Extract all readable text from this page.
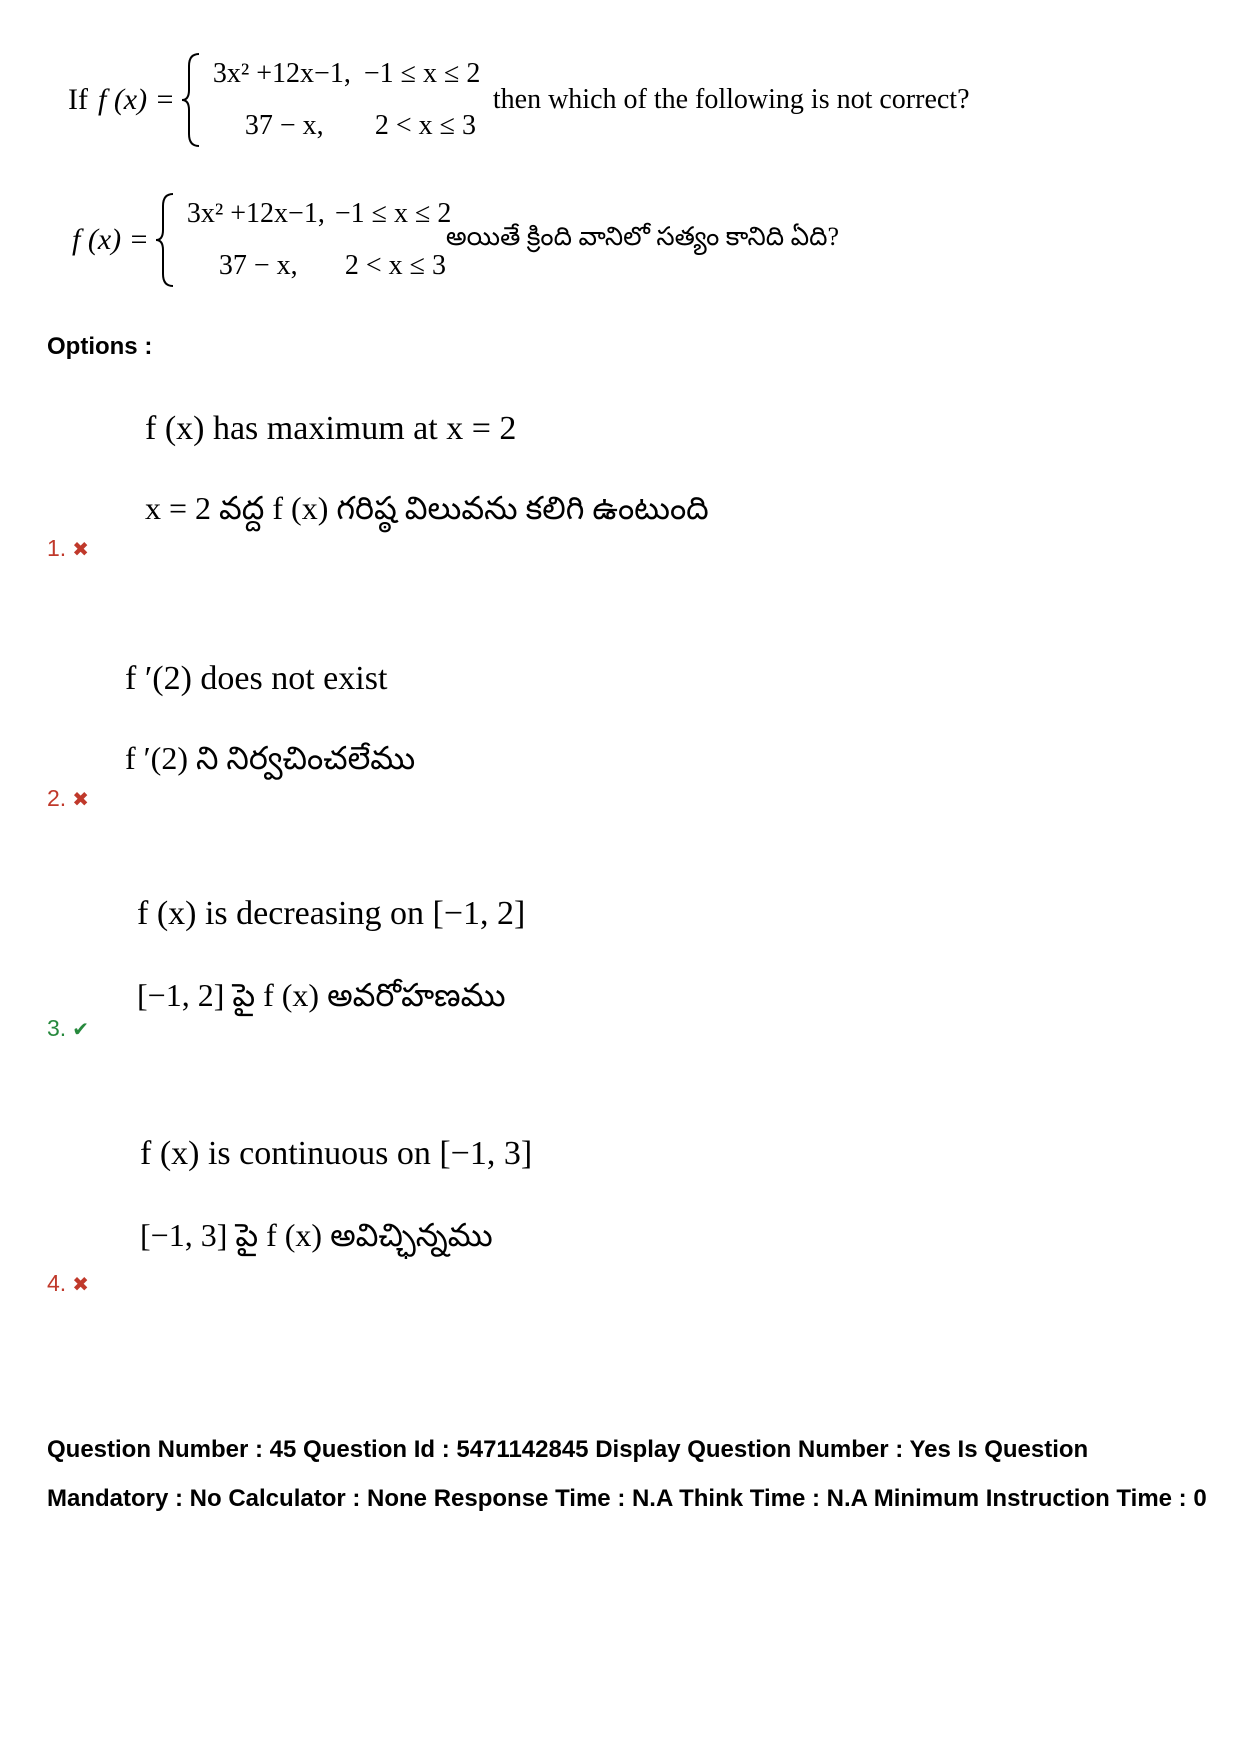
If f (x) =
3x² +12x−1, −1 ≤ x ≤ 2
37 − x, 2 < x ≤ 3
then which of the following is not correct?
f (x) =
3x² +12x−1, −1 ≤ x ≤ 2
37 − x, 2 < x ≤ 3
అయితే క్రింది వానిలో సత్యం కానిది ఏది?
Options :
f (x) has maximum at x = 2
x = 2 వద్ద f (x) గరిష్ఠ విలువను కలిగి ఉంటుంది
1. ✖
f ′(2) does not exist
f ′(2) ని నిర్వచించలేము
2. ✖
f (x) is decreasing on [−1, 2]
[−1, 2] పై f (x) అవరోహణము
3. ✔
f (x) is continuous on [−1, 3]
[−1, 3] పై f (x) అవిచ్ఛిన్నము
4. ✖
Question Number : 45 Question Id : 5471142845 Display Question Number : Yes Is Question Mandatory : No Calculator : None Response Time : N.A Think Time : N.A Minimum Instruction Time : 0
